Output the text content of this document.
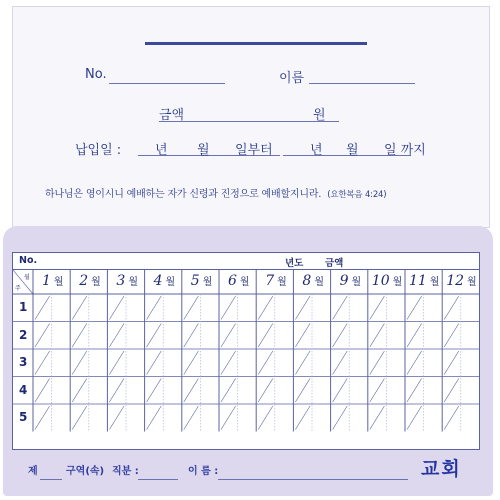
No.	이름
금액	원
납입일 :	년 월 일부터	년 월 일 까지
하나님은 영이시니 예배하는 자가 신령과 진정으로 예배할지니라. (요한복음 4:24)
No.	년도 금액
1 월 2 월 3 월 4 월 5 월 6 월 7 월 8 월 9 월 10 월 11 월 12 월
1
2
3
4
5
주
월
제	구역(속) 직분 :	이 름 :	교회
